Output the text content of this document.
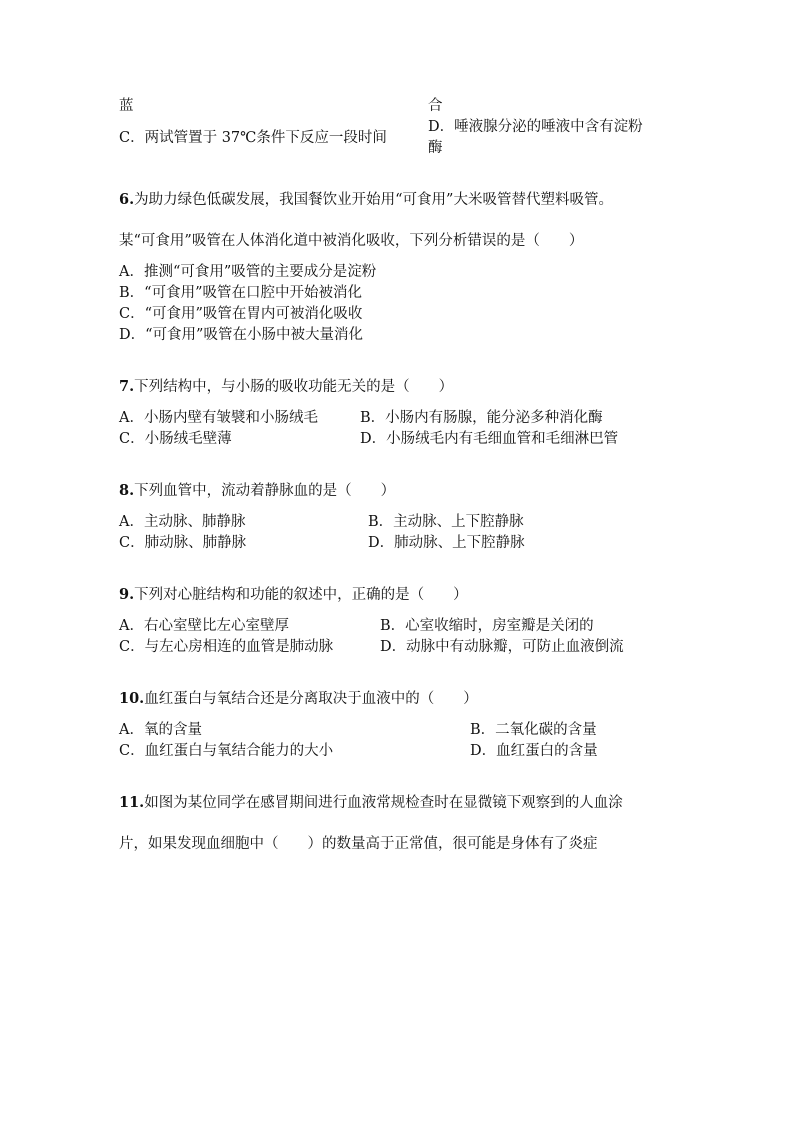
蓝	合
C．两试管置于 37℃条件下反应一段时间
D．唾液腺分泌的唾液中含有淀粉
酶
6.为助力绿色低碳发展，我国餐饮业开始用“可食用”大米吸管替代塑料吸管。
某“可食用”吸管在人体消化道中被消化吸收，下列分析错误的是（　　）
A．推测“可食用”吸管的主要成分是淀粉
B．“可食用”吸管在口腔中开始被消化
C．“可食用”吸管在胃内可被消化吸收
D．“可食用”吸管在小肠中被大量消化
7.下列结构中，与小肠的吸收功能无关的是（　　）
A．小肠内壁有皱襞和小肠绒毛	B．小肠内有肠腺，能分泌多种消化酶
C．小肠绒毛壁薄	D．小肠绒毛内有毛细血管和毛细淋巴管
8.下列血管中，流动着静脉血的是（　　）
A．主动脉、肺静脉	B．主动脉、上下腔静脉
C．肺动脉、肺静脉	D．肺动脉、上下腔静脉
9.下列对心脏结构和功能的叙述中，正确的是（　　）
A．右心室壁比左心室壁厚	B．心室收缩时，房室瓣是关闭的
C．与左心房相连的血管是肺动脉	D．动脉中有动脉瓣，可防止血液倒流
10.血红蛋白与氧结合还是分离取决于血液中的（　　）
A．氧的含量	B．二氧化碳的含量
C．血红蛋白与氧结合能力的大小	D．血红蛋白的含量
11.如图为某位同学在感冒期间进行血液常规检查时在显微镜下观察到的人血涂
片，如果发现血细胞中（　　）的数量高于正常值，很可能是身体有了炎症
